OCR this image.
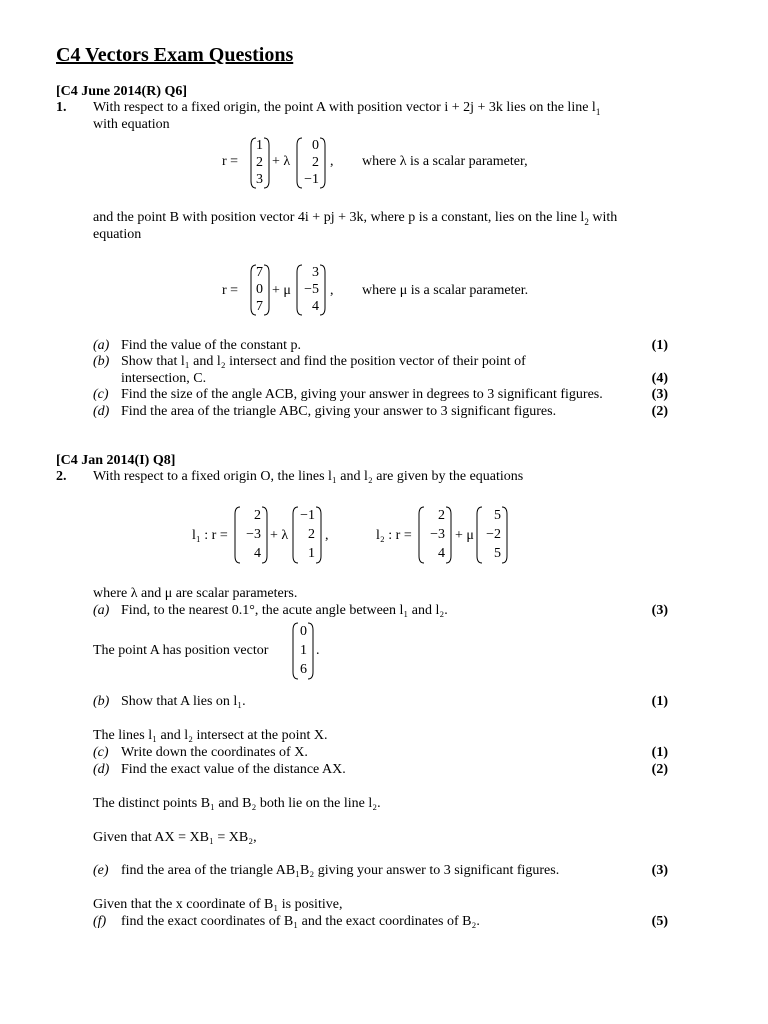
C4 Vectors Exam Questions
[C4 June 2014(R) Q6]
1. With respect to a fixed origin, the point A with position vector i + 2j + 3k lies on the line $l_1$
with equation
r =
1
2
3
+ λ
0
2
−1
, where λ is a scalar parameter,
and the point B with position vector 4i + pj + 3k, where p is a constant, lies on the line $l_2$ with
equation
r =
7
0
7
+ μ
3
−5
4
, where μ is a scalar parameter.
(a) Find the value of the constant p.	(1)
(b) Show that l₁ and l₂ intersect and find the position vector of their point of
intersection, C.	(4)
(c) Find the size of the angle ACB, giving your answer in degrees to 3 significant figures.	(3)
(d) Find the area of the triangle ABC, giving your answer to 3 significant figures.	(2)
[C4 Jan 2014(I) Q8]
2. With respect to a fixed origin O, the lines l₁ and l₂ are given by the equations
l₁ : r =
2
−3
4
+ λ
−1
2
1
,	l₂ : r =
2
−3
4
+ μ
5
−2
5
where λ and μ are scalar parameters.
(a) Find, to the nearest 0.1°, the acute angle between l₁ and l₂.	(3)
The point A has position vector
0
1
6
.
(b) Show that A lies on l₁.	(1)
The lines l₁ and l₂ intersect at the point X.
(c) Write down the coordinates of X.	(1)
(d) Find the exact value of the distance AX.	(2)
The distinct points B₁ and B₂ both lie on the line l₂.
Given that AX = XB₁ = XB₂,
(e) find the area of the triangle AB₁B₂ giving your answer to 3 significant figures.	(3)
Given that the x coordinate of B₁ is positive,
(f) find the exact coordinates of B₁ and the exact coordinates of B₂.	(5)
